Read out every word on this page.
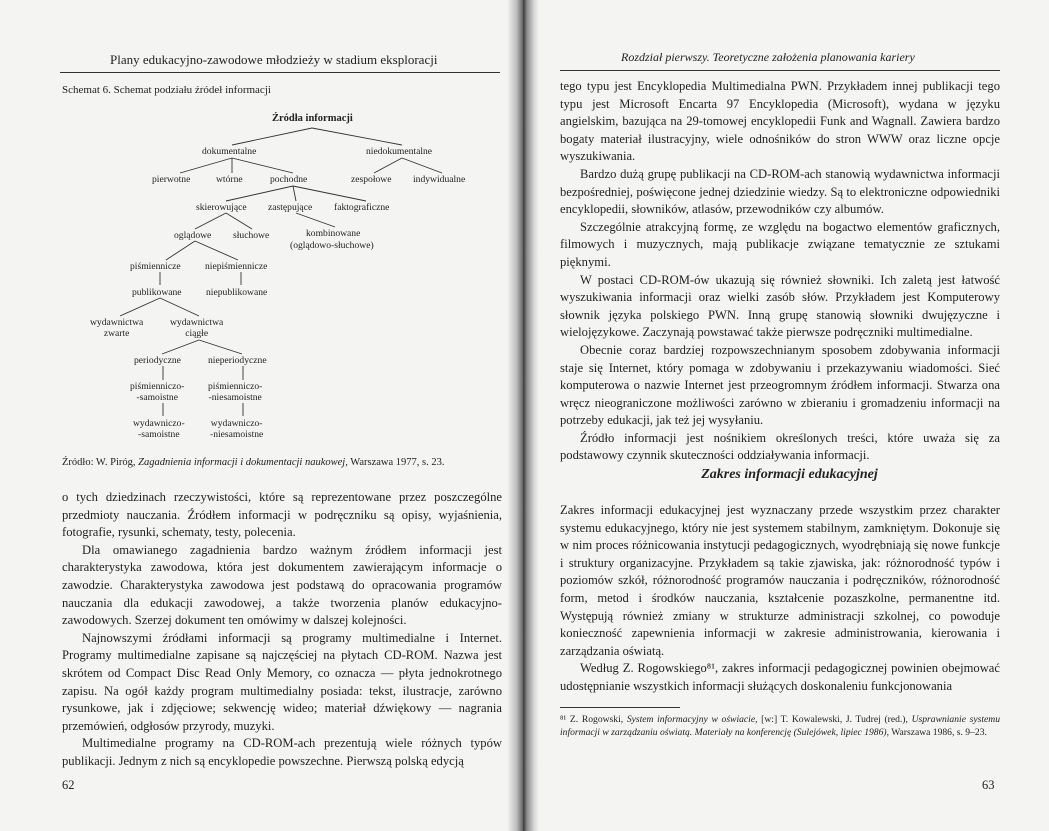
Plany edukacyjno-zawodowe młodzieży w stadium eksploracji
Schemat 6. Schemat podziału źródeł informacji
Źródła informacji
dokumentalne	niedokumentalne
pierwotne	wtórne	pochodne	zespołowe indywidualne
skierowujące zastępujące faktograficzne
oglądowe słuchowe	kombinowane
(oglądowo-słuchowe)
piśmiennicze	niepiśmiennicze
publikowane	niepublikowane
wydawnictwa
zwarte
wydawnictwa
ciągłe
periodyczne	nieperiodyczne
piśmienniczo-
-samoistne
piśmienniczo-
-niesamoistne
wydawniczo-
-samoistne
wydawniczo-
-niesamoistne
Źródło: W. Piróg, Zagadnienia informacji i dokumentacji naukowej, Warszawa 1977, s. 23.

o tych dziedzinach rzeczywistości, które są reprezentowane przez poszczególne przedmioty nauczania. Źródłem informacji w podręczniku są opisy, wyjaśnienia, fotografie, rysunki, schematy, testy, polecenia.

Dla omawianego zagadnienia bardzo ważnym źródłem informacji jest charakterystyka zawodowa, która jest dokumentem zawierającym informacje o zawodzie. Charakterystyka zawodowa jest podstawą do opracowania programów nauczania dla edukacji zawodowej, a także tworzenia planów edukacyjno-zawodowych. Szerzej dokument ten omówimy w dalszej kolejności.

Najnowszymi źródłami informacji są programy multimedialne i Internet. Programy multimedialne zapisane są najczęściej na płytach CD-ROM. Nazwa jest skrótem od Compact Disc Read Only Memory, co oznacza — płyta jednokrotnego zapisu. Na ogół każdy program multimedialny posiada: tekst, ilustracje, zarówno rysunkowe, jak i zdjęciowe; sekwencję wideo; materiał dźwiękowy — nagrania przemówień, odgłosów przyrody, muzyki.

Multimedialne programy na CD-ROM-ach prezentują wiele różnych typów publikacji. Jednym z nich są encyklopedie powszechne. Pierwszą polską edycją

62
Rozdział pierwszy. Teoretyczne założenia planowania kariery

tego typu jest Encyklopedia Multimedialna PWN. Przykładem innej publikacji tego typu jest Microsoft Encarta 97 Encyklopedia (Microsoft), wydana w języku angielskim, bazująca na 29-tomowej encyklopedii Funk and Wagnall. Zawiera bardzo bogaty materiał ilustracyjny, wiele odnośników do stron WWW oraz liczne opcje wyszukiwania.

Bardzo dużą grupę publikacji na CD-ROM-ach stanowią wydawnictwa informacji bezpośredniej, poświęcone jednej dziedzinie wiedzy. Są to elektroniczne odpowiedniki encyklopedii, słowników, atlasów, przewodników czy albumów.

Szczególnie atrakcyjną formę, ze względu na bogactwo elementów graficznych, filmowych i muzycznych, mają publikacje związane tematycznie ze sztukami pięknymi.

W postaci CD-ROM-ów ukazują się również słowniki. Ich zaletą jest łatwość wyszukiwania informacji oraz wielki zasób słów. Przykładem jest Komputerowy słownik języka polskiego PWN. Inną grupę stanowią słowniki dwujęzyczne i wielojęzykowe. Zaczynają powstawać także pierwsze podręczniki multimedialne.

Obecnie coraz bardziej rozpowszechnianym sposobem zdobywania informacji staje się Internet, który pomaga w zdobywaniu i przekazywaniu wiadomości. Sieć komputerowa o nazwie Internet jest przeogromnym źródłem informacji. Stwarza ona wręcz nieograniczone możliwości zarówno w zbieraniu i gromadzeniu informacji na potrzeby edukacji, jak też jej wysyłaniu.

Źródło informacji jest nośnikiem określonych treści, które uważa się za podstawowy czynnik skuteczności oddziaływania informacji.

Zakres informacji edukacyjnej

Zakres informacji edukacyjnej jest wyznaczany przede wszystkim przez charakter systemu edukacyjnego, który nie jest systemem stabilnym, zamkniętym. Dokonuje się w nim proces różnicowania instytucji pedagogicznych, wyodrębniają się nowe funkcje i struktury organizacyjne. Przykładem są takie zjawiska, jak: różnorodność typów i poziomów szkół, różnorodność programów nauczania i podręczników, różnorodność form, metod i środków nauczania, kształcenie pozaszkolne, permanentne itd. Występują również zmiany w strukturze administracji szkolnej, co powoduje konieczność zapewnienia informacji w zakresie administrowania, kierowania i zarządzania oświatą.

Według Z. Rogowskiego⁸¹, zakres informacji pedagogicznej powinien obejmować udostępnianie wszystkich informacji służących doskonaleniu funkcjonowania

⁸¹ Z. Rogowski, System informacyjny w oświacie, [w:] T. Kowalewski, J. Tudrej (red.), Usprawnianie systemu informacji w zarządzaniu oświatą. Materiały na konferencję (Sulejówek, lipiec 1986), Warszawa 1986, s. 9–23.
63
